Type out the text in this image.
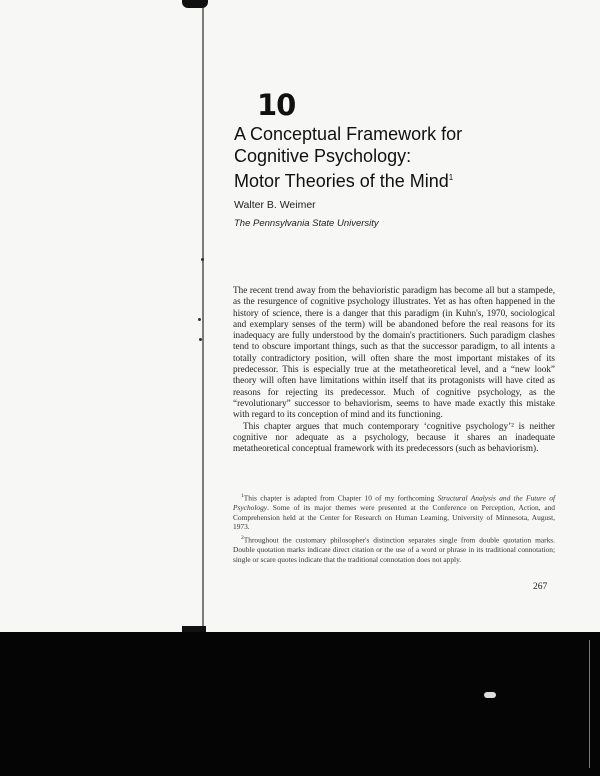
10
A Conceptual Framework for
Cognitive Psychology:
Motor Theories of the Mind$^1$
Walter B. Weimer
The Pennsylvania State University

The recent trend away from the behavioristic paradigm has become all but a stampede, as the resurgence of cognitive psychology illustrates. Yet as has often happened in the history of science, there is a danger that this paradigm (in Kuhn's, 1970, sociological and exemplary senses of the term) will be abandoned before the real reasons for its inadequacy are fully understood by the domain's practitioners. Such paradigm clashes tend to obscure important things, such as that the successor paradigm, to all intents a totally contradictory position, will often share the most important mistakes of its predecessor. This is especially true at the metatheoretical level, and a “new look” theory will often have limitations within itself that its protagonists will have cited as reasons for rejecting its predecessor. Much of cognitive psychology, as the “revolutionary” successor to behaviorism, seems to have made exactly this mistake with regard to its conception of mind and its functioning.

This chapter argues that much contemporary ‘cognitive psychology’² is neither cognitive nor adequate as a psychology, because it shares an inadequate metatheoretical conceptual framework with its predecessors (such as behaviorism).

$^1$This chapter is adapted from Chapter 10 of my forthcoming Structural Analysis and the Future of Psychology. Some of its major themes were presented at the Conference on Perception, Action, and Comprehension held at the Center for Research on Human Learning, University of Minnesota, August, 1973.

$^2$Throughout the customary philosopher's distinction separates single from double quotation marks. Double quotation marks indicate direct citation or the use of a word or phrase in its traditional connotation; single or scare quotes indicate that the traditional connotation does not apply.

267
